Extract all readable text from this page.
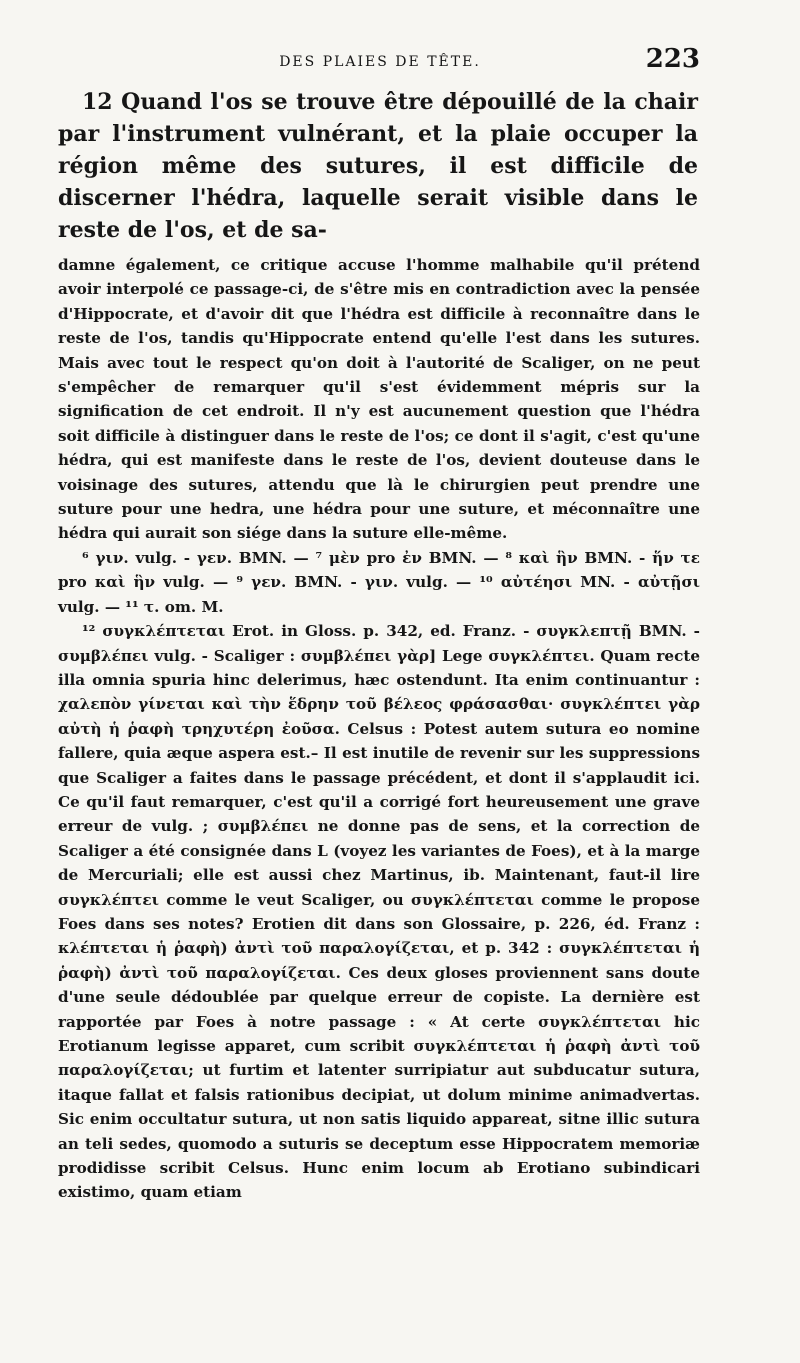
DES PLAIES DE TÊTE.	223

12 Quand l'os se trouve être dépouillé de la chair par l'instrument vulnérant, et la plaie occuper la région même des sutures, il est difficile de discerner l'hédra, laquelle serait visible dans le reste de l'os, et de sa-

damne également, ce critique accuse l'homme malhabile qu'il prétend avoir interpolé ce passage-ci, de s'être mis en contradiction avec la pensée d'Hippocrate, et d'avoir dit que l'hédra est difficile à reconnaître dans le reste de l'os, tandis qu'Hippocrate entend qu'elle l'est dans les sutures. Mais avec tout le respect qu'on doit à l'autorité de Scaliger, on ne peut s'empêcher de remarquer qu'il s'est évidemment mépris sur la signification de cet endroit. Il n'y est aucunement question que l'hédra soit difficile à distinguer dans le reste de l'os; ce dont il s'agit, c'est qu'une hédra, qui est manifeste dans le reste de l'os, devient douteuse dans le voisinage des sutures, attendu que là le chirurgien peut prendre une suture pour une hedra, une hédra pour une suture, et méconnaître une hédra qui aurait son siége dans la suture elle-même.

⁶ γιν. vulg. - γεν. BMN. — ⁷ μὲν pro ἐν BMN. — ⁸ καὶ ἣν BMN. - ἥν τε pro καὶ ἣν vulg. — ⁹ γεν. BMN. - γιν. vulg. — ¹⁰ αὐτέησι MN. - αὐτῇσι vulg. — ¹¹ τ. om. M.

¹² συγκλέπτεται Erot. in Gloss. p. 342, ed. Franz. - συγκλεπτῇ BMN. - συμβλέπει vulg. - Scaliger : συμβλέπει γὰρ] Lege συγκλέπτει. Quam recte illa omnia spuria hinc delerimus, hæc ostendunt. Ita enim continuantur : χαλεπὸν γίνεται καὶ τὴν ἕδρην τοῦ βέλεος φράσασθαι· συγκλέπτει γὰρ αὐτὴ ἡ ῥαφὴ τρηχυτέρη ἐοῦσα. Celsus : Potest autem sutura eo nomine fallere, quia æque aspera est.– Il est inutile de revenir sur les suppressions que Scaliger a faites dans le passage précédent, et dont il s'applaudit ici. Ce qu'il faut remarquer, c'est qu'il a corrigé fort heureusement une grave erreur de vulg. ; συμβλέπει ne donne pas de sens, et la correction de Scaliger a été consignée dans L (voyez les variantes de Foes), et à la marge de Mercuriali; elle est aussi chez Martinus, ib. Maintenant, faut-il lire συγκλέπτει comme le veut Scaliger, ou συγκλέπτεται comme le propose Foes dans ses notes? Erotien dit dans son Glossaire, p. 226, éd. Franz : κλέπτεται ἡ ῥαφὴ) ἀντὶ τοῦ παραλογίζεται, et p. 342 : συγκλέπτεται ἡ ῥαφὴ) ἀντὶ τοῦ παραλογίζεται. Ces deux gloses proviennent sans doute d'une seule dédoublée par quelque erreur de copiste. La dernière est rapportée par Foes à notre passage : « At certe συγκλέπτεται hic Erotianum legisse apparet, cum scribit συγκλέπτεται ἡ ῥαφὴ ἀντὶ τοῦ παραλογίζεται; ut furtim et latenter surripiatur aut subducatur sutura, itaque fallat et falsis rationibus decipiat, ut dolum minime animadvertas. Sic enim occultatur sutura, ut non satis liquido appareat, sitne illic sutura an teli sedes, quomodo a suturis se deceptum esse Hippocratem memoriæ prodidisse scribit Celsus. Hunc enim locum ab Erotiano subindicari existimo, quam etiam
